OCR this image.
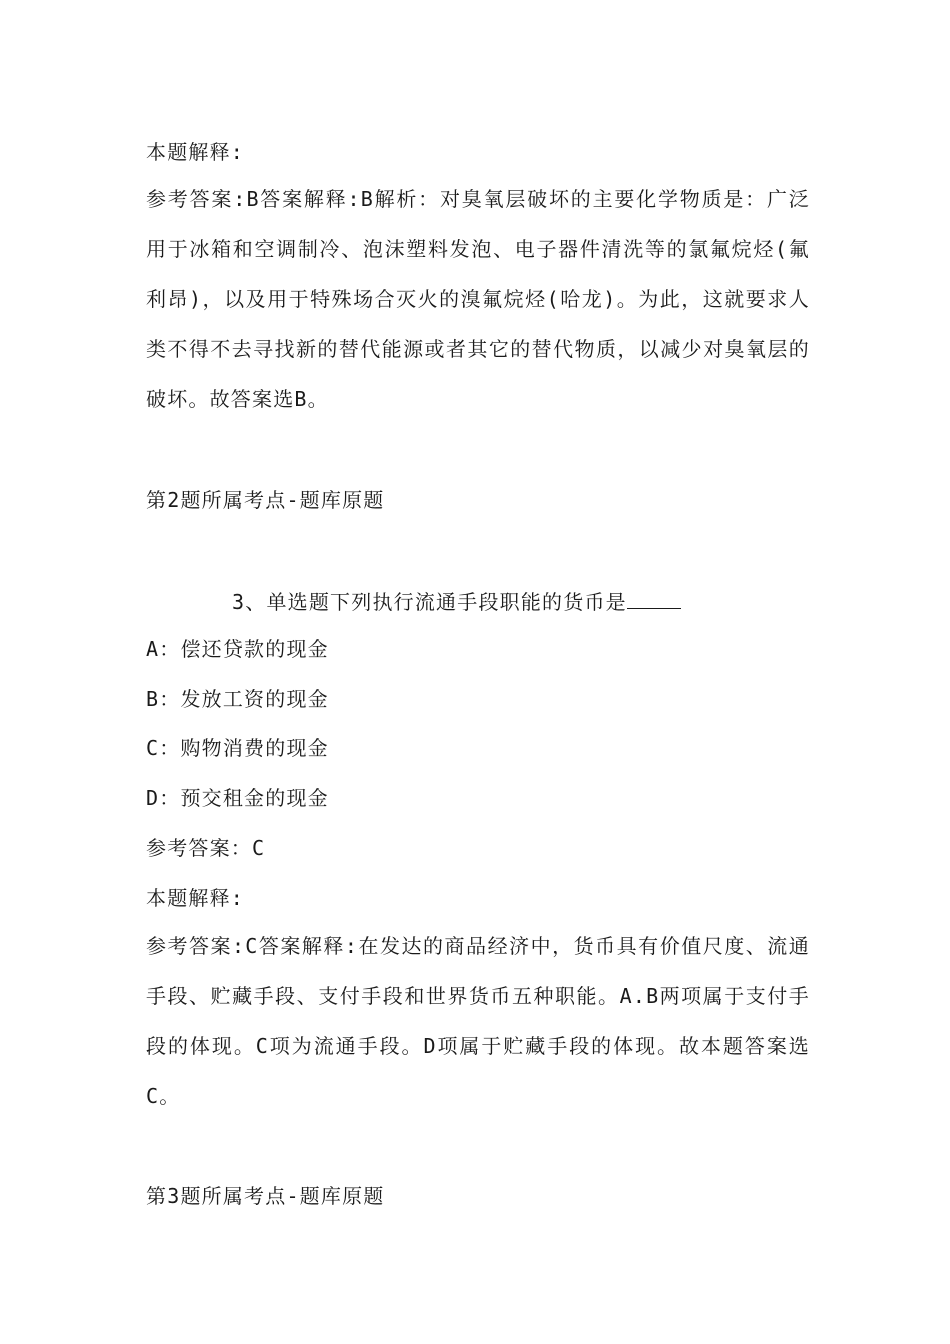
本题解释:
参考答案:B答案解释:B解析：对臭氧层破坏的主要化学物质是：广泛用于冰箱和空调制冷、泡沫塑料发泡、电子器件清洗等的氯氟烷烃(氟利昂)，以及用于特殊场合灭火的溴氟烷烃(哈龙)。为此，这就要求人类不得不去寻找新的替代能源或者其它的替代物质，以减少对臭氧层的破坏。故答案选B。
第2题所属考点-题库原题
3、单选题下列执行流通手段职能的货币是
A：偿还贷款的现金
B：发放工资的现金
C：购物消费的现金
D：预交租金的现金
参考答案：C
本题解释:
参考答案:C答案解释:在发达的商品经济中，货币具有价值尺度、流通手段、贮藏手段、支付手段和世界货币五种职能。A.B两项属于支付手段的体现。C项为流通手段。D项属于贮藏手段的体现。故本题答案选C。
第3题所属考点-题库原题
